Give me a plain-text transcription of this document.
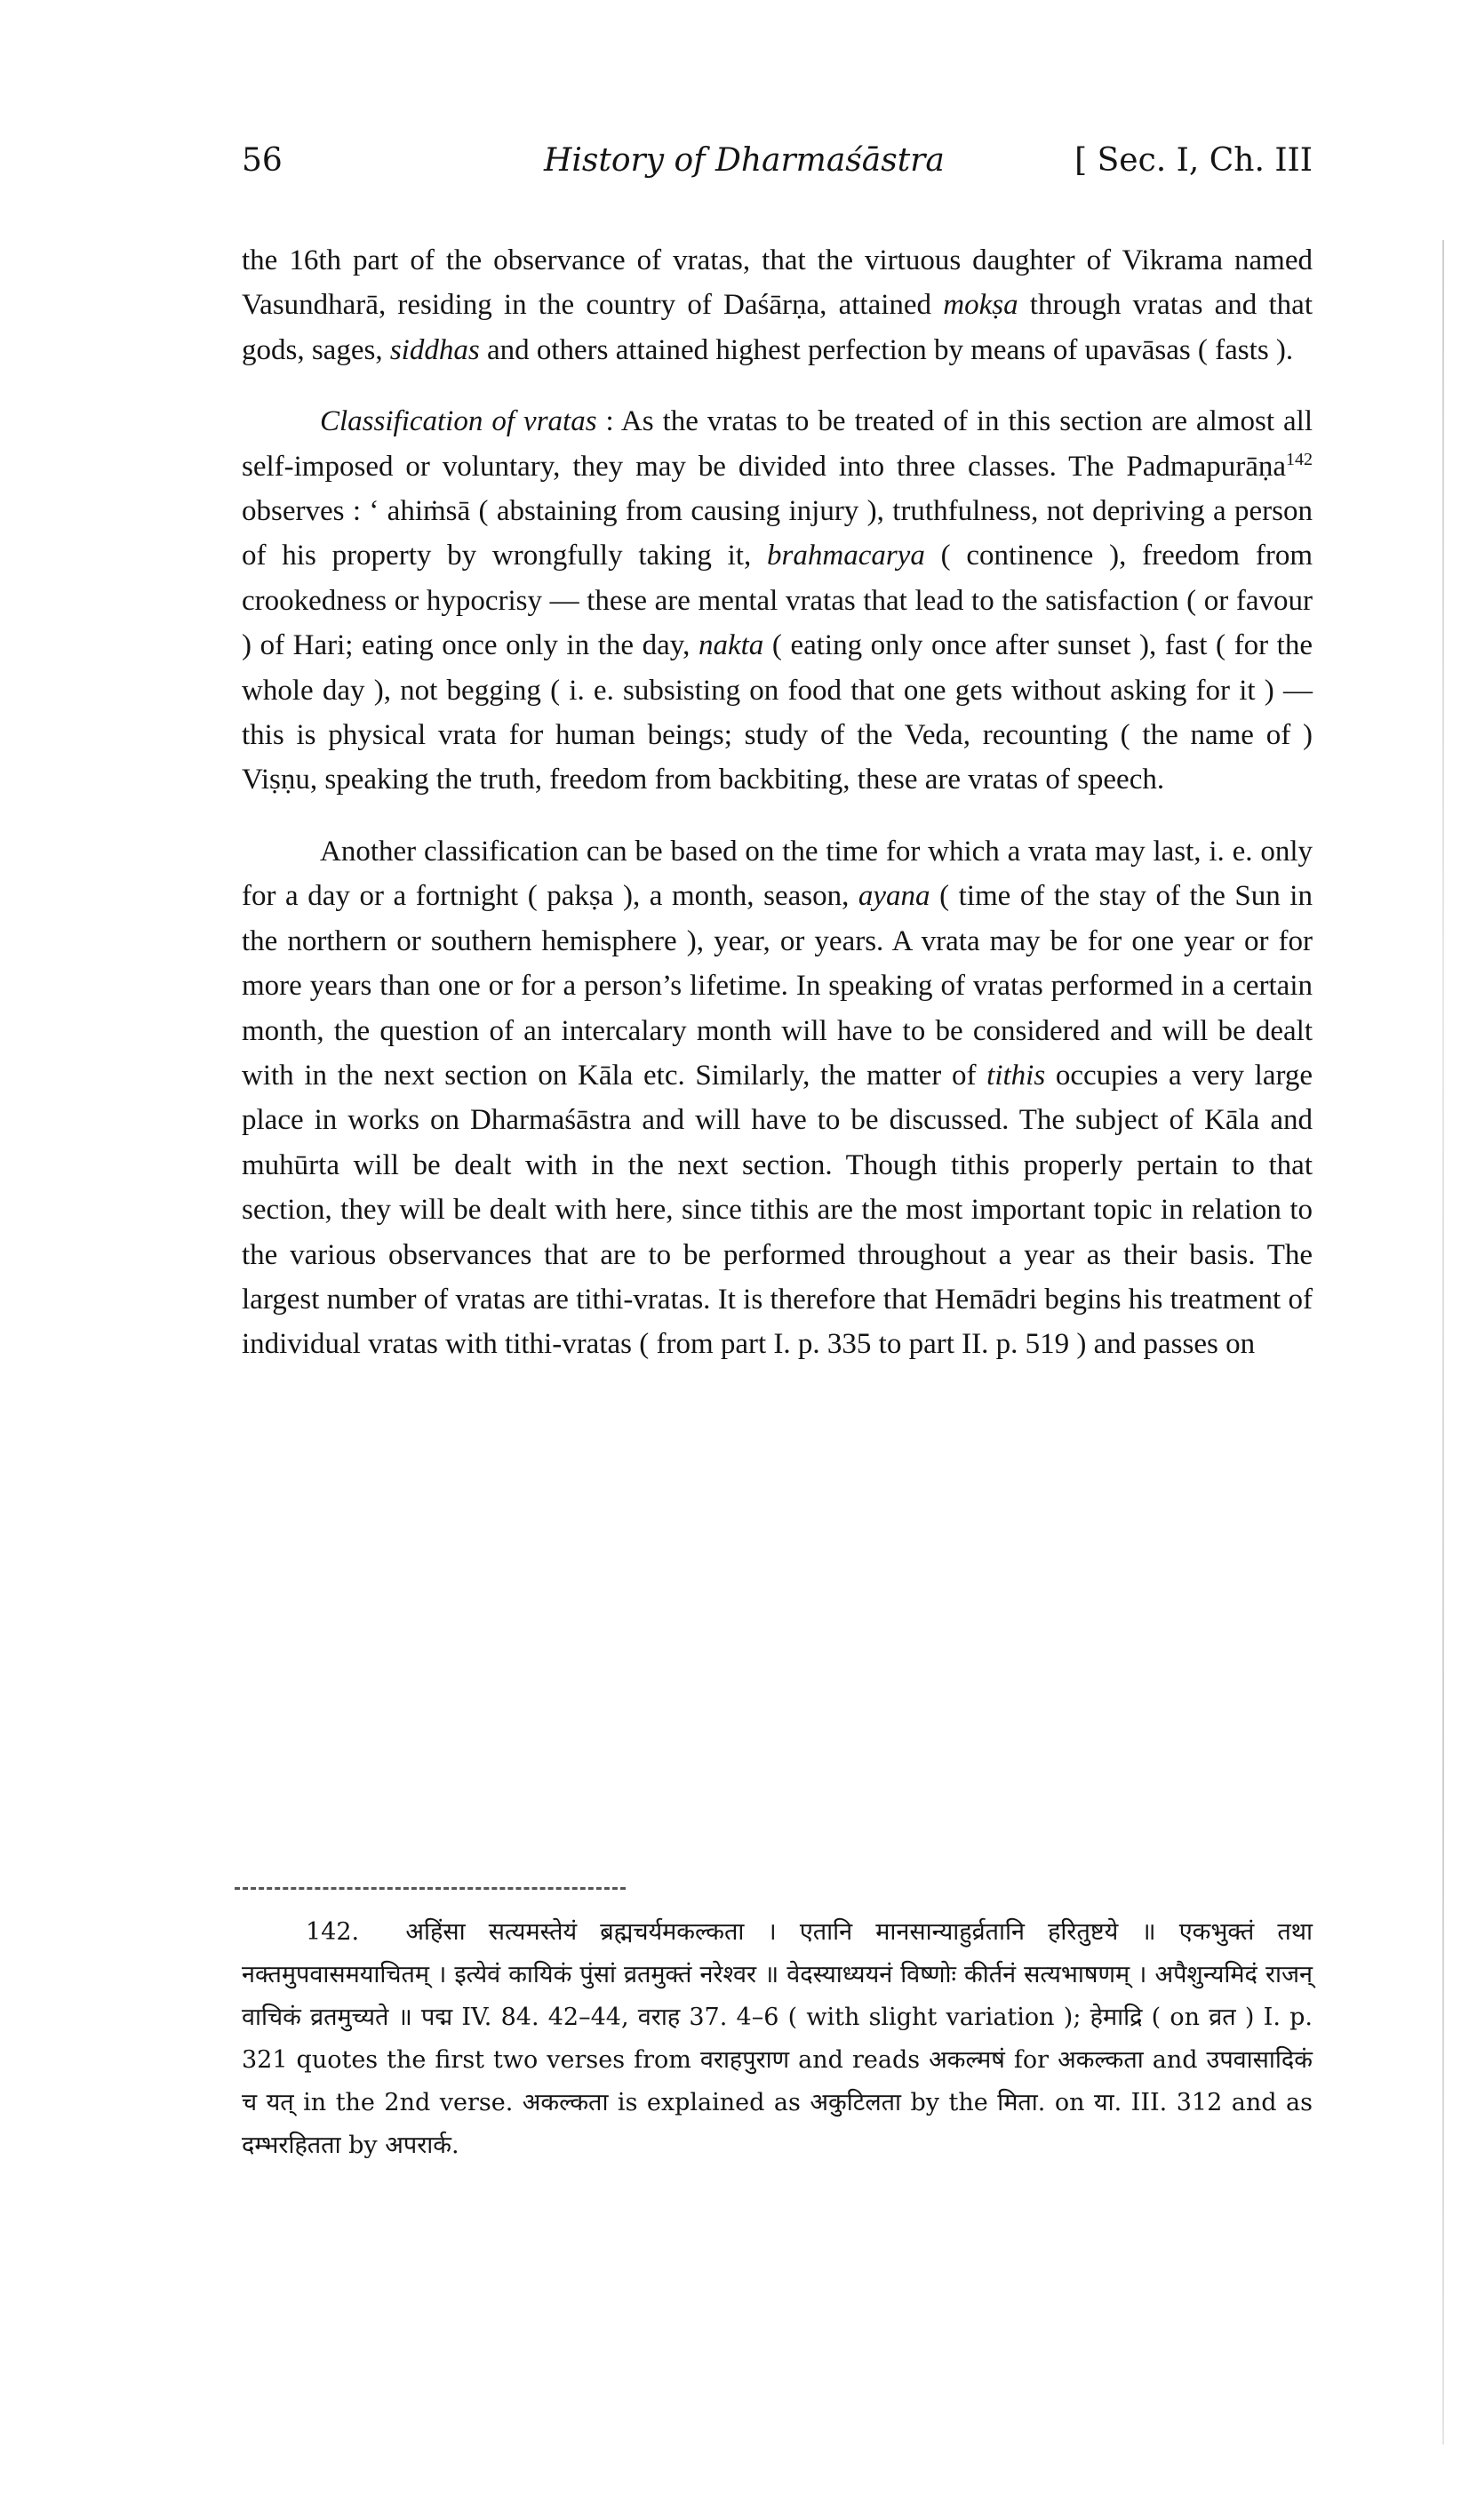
56	History of Dharmaśāstra	[ Sec. I, Ch. III

the 16th part of the observance of vratas, that the virtuous daughter of Vikrama named Vasundharā, residing in the country of Daśārṇa, attained mokṣa through vratas and that gods, sages, siddhas and others attained highest perfection by means of upavāsas ( fasts ).

Classification of vratas : As the vratas to be treated of in this section are almost all self-imposed or voluntary, they may be divided into three classes. The Padmapurāṇa$^{142}$ observes : ‘ ahiṁsā ( abstaining from causing injury ), truthfulness, not depriving a person of his property by wrongfully taking it, brahmacarya ( continence ), freedom from crookedness or hypocrisy — these are mental vratas that lead to the satisfaction ( or favour ) of Hari; eating once only in the day, nakta ( eating only once after sunset ), fast ( for the whole day ), not begging ( i. e. subsisting on food that one gets without asking for it ) — this is physical vrata for human beings; study of the Veda, recounting ( the name of ) Viṣṇu, speaking the truth, freedom from backbiting, these are vratas of speech.

Another classification can be based on the time for which a vrata may last, i. e. only for a day or a fortnight ( pakṣa ), a month, season, ayana ( time of the stay of the Sun in the northern or southern hemisphere ), year, or years. A vrata may be for one year or for more years than one or for a person’s lifetime. In speaking of vratas performed in a certain month, the question of an intercalary month will have to be considered and will be dealt with in the next section on Kāla etc. Similarly, the matter of tithis occupies a very large place in works on Dharmaśāstra and will have to be discussed. The subject of Kāla and muhūrta will be dealt with in the next section. Though tithis properly pertain to that section, they will be dealt with here, since tithis are the most important topic in relation to the various observances that are to be performed throughout a year as their basis. The largest number of vratas are tithi-vratas. It is therefore that Hemādri begins his treatment of individual vratas with tithi-vratas ( from part I. p. 335 to part II. p. 519 ) and passes on

142. अहिंसा सत्यमस्तेयं ब्रह्मचर्यमकल्कता । एतानि मानसान्याहुर्व्रतानि हरितुष्टये ॥ एकभुक्तं तथा नक्तमुपवासमयाचितम् । इत्येवं कायिकं पुंसां व्रतमुक्तं नरेश्वर ॥ वेदस्याध्ययनं विष्णोः कीर्तनं सत्यभाषणम् । अपैशुन्यमिदं राजन् वाचिकं व्रतमुच्यते ॥ पद्म IV. 84. 42–44, वराह 37. 4–6 ( with slight variation ); हेमाद्रि ( on व्रत ) I. p. 321 quotes the first two verses from वराहपुराण and reads अकल्मषं for अकल्कता and उपवासादिकं च यत् in the 2nd verse. अकल्कता is explained as अकुटिलता by the मिता. on या. III. 312 and as दम्भरहितता by अपरार्क.
